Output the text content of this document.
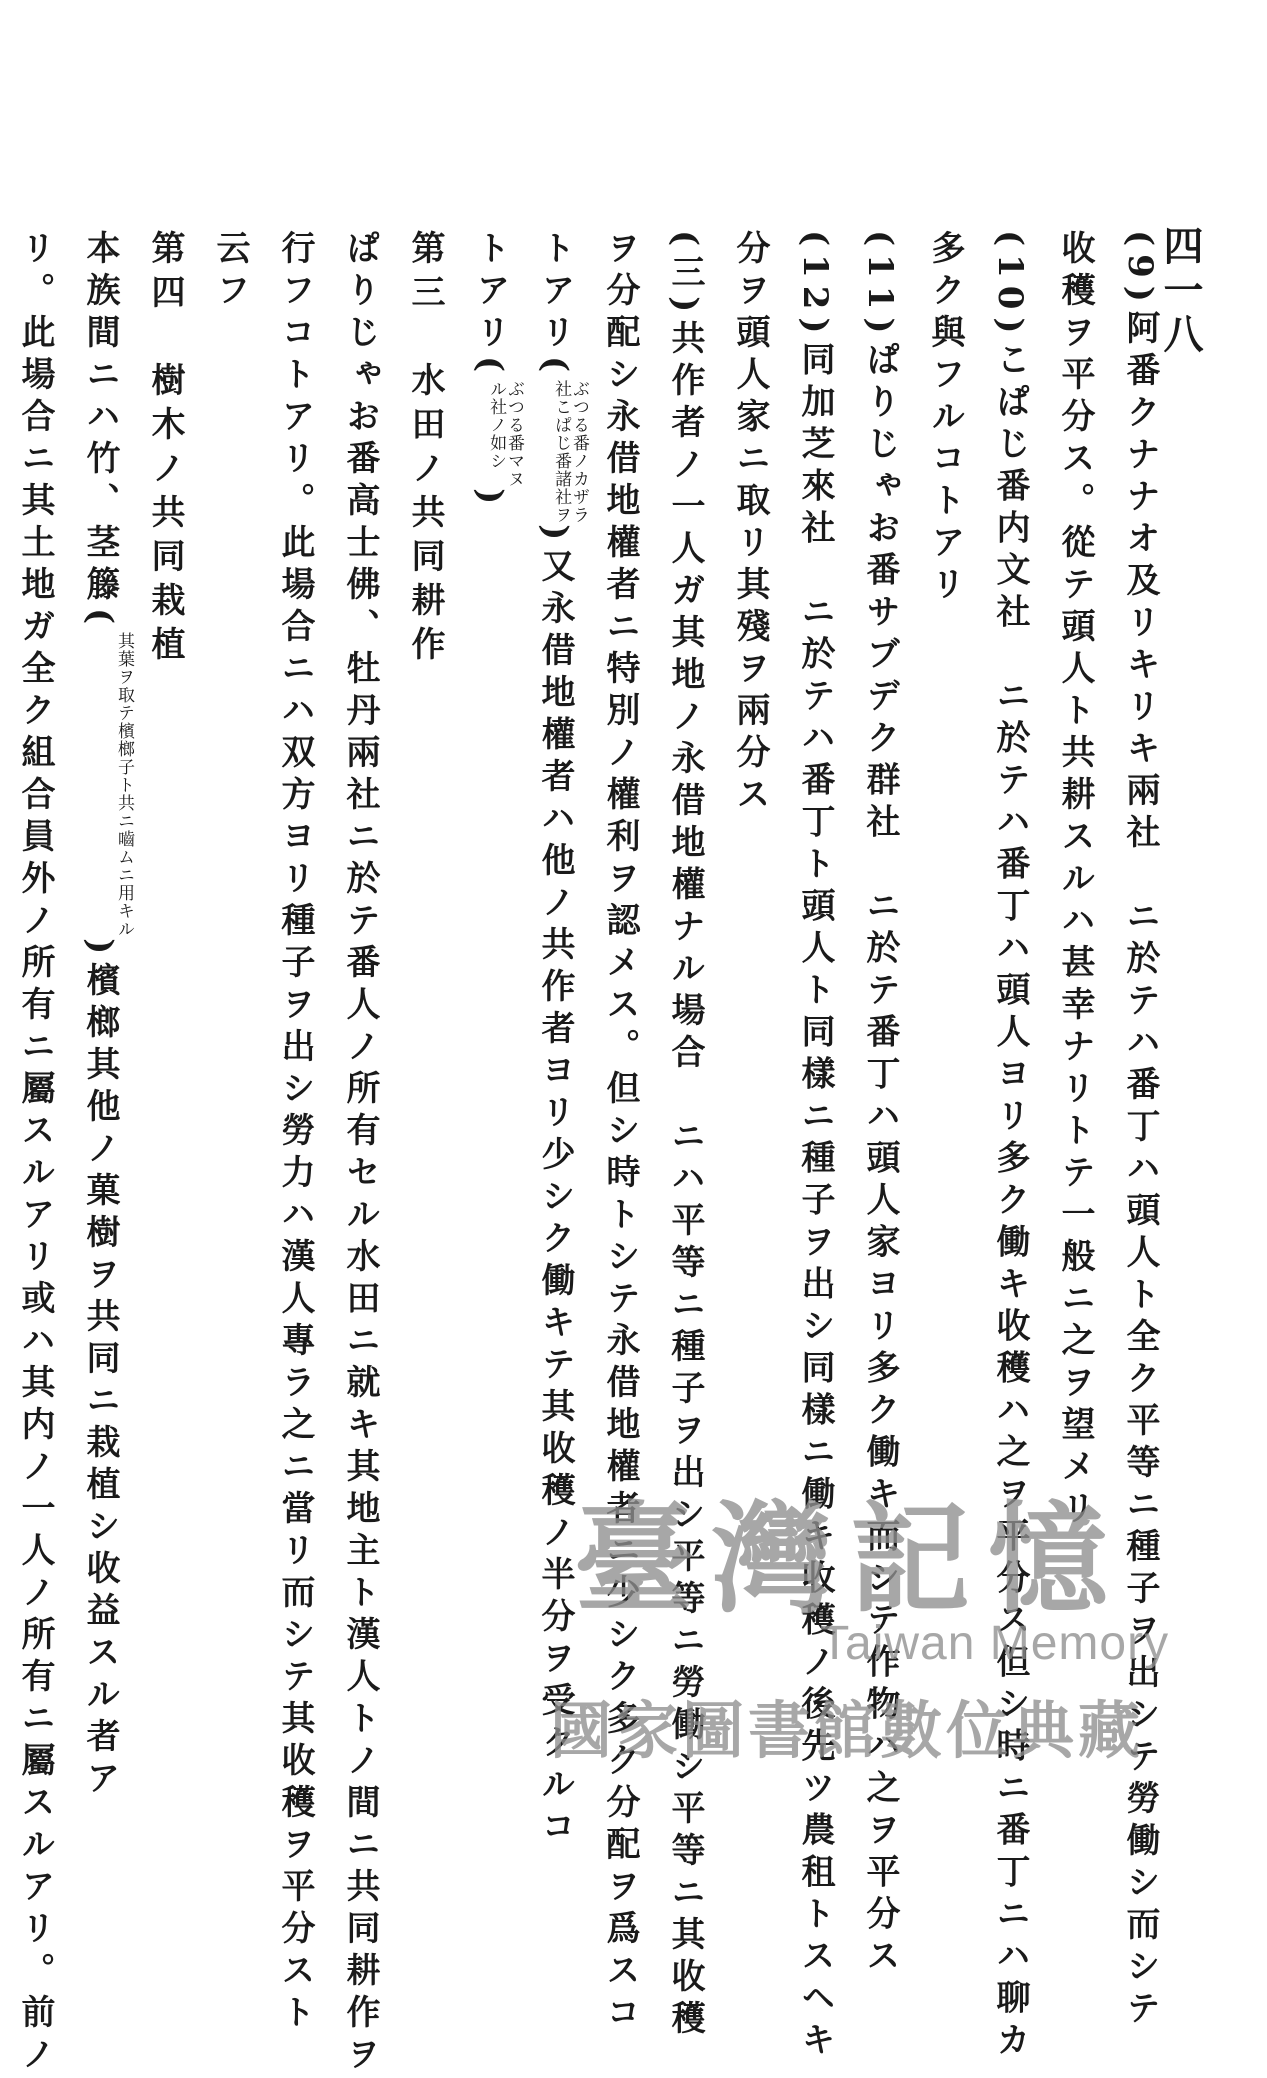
四一八
(9)阿番クナナオ及リキリキ兩社　ニ於テハ番丁ハ頭人ト全ク平等ニ種子ヲ出シテ勞働シ而シテ
收穫ヲ平分ス。從テ頭人ト共耕スルハ甚幸ナリトテ一般ニ之ヲ望メリ
(10)こぱじ番内文社　ニ於テハ番丁ハ頭人ヨリ多ク働キ收穫ハ之ヲ平分ス但シ時ニ番丁ニハ聊カ
多ク與フルコトアリ
(11)ぱりじゃお番サブデク群社　ニ於テ番丁ハ頭人家ヨリ多ク働キ而シテ作物ハ之ヲ平分ス
(12)同加芝來社　ニ於テハ番丁ト頭人ト同樣ニ種子ヲ出シ同樣ニ働キ收穫ノ後先ツ農租トスヘキ
分ヲ頭人家ニ取リ其殘ヲ兩分ス
(三)共作者ノ一人ガ其地ノ永借地權ナル場合　ニハ平等ニ種子ヲ出シ平等ニ勞働シ平等ニ其收穫
ヲ分配シ永借地權者ニ特別ノ權利ヲ認メス。但シ時トシテ永借地權者ニ少シク多ク分配ヲ爲スコ
トアリ(ぶつる番ノカザラ
社こぱじ番諸社ヲ)又永借地權者ハ他ノ共作者ヨリ少シク働キテ其收穫ノ半分ヲ受クルコ
トアリ(ぶつる番マヌ
ル社ノ如シ)
第三　水田ノ共同耕作
ぱりじゃお番高士佛、牡丹兩社ニ於テ番人ノ所有セル水田ニ就キ其地主ト漢人トノ間ニ共同耕作ヲ
行フコトアリ。此場合ニハ双方ヨリ種子ヲ出シ勞力ハ漢人專ラ之ニ當リ而シテ其收穫ヲ平分スト
云フ
第四　樹木ノ共同栽植
本族間ニハ竹、茎籐(其葉ヲ取テ檳榔子ト共ニ嚙ムニ用キル)檳榔其他ノ菓樹ヲ共同ニ栽植シ收益スル者ア
リ。此場合ニ其土地ガ全ク組合員外ノ所有ニ屬スルアリ或ハ其内ノ一人ノ所有ニ屬スルアリ。前ノ	臺灣記憶
Taiwan Memory
國家圖書館數位典藏
